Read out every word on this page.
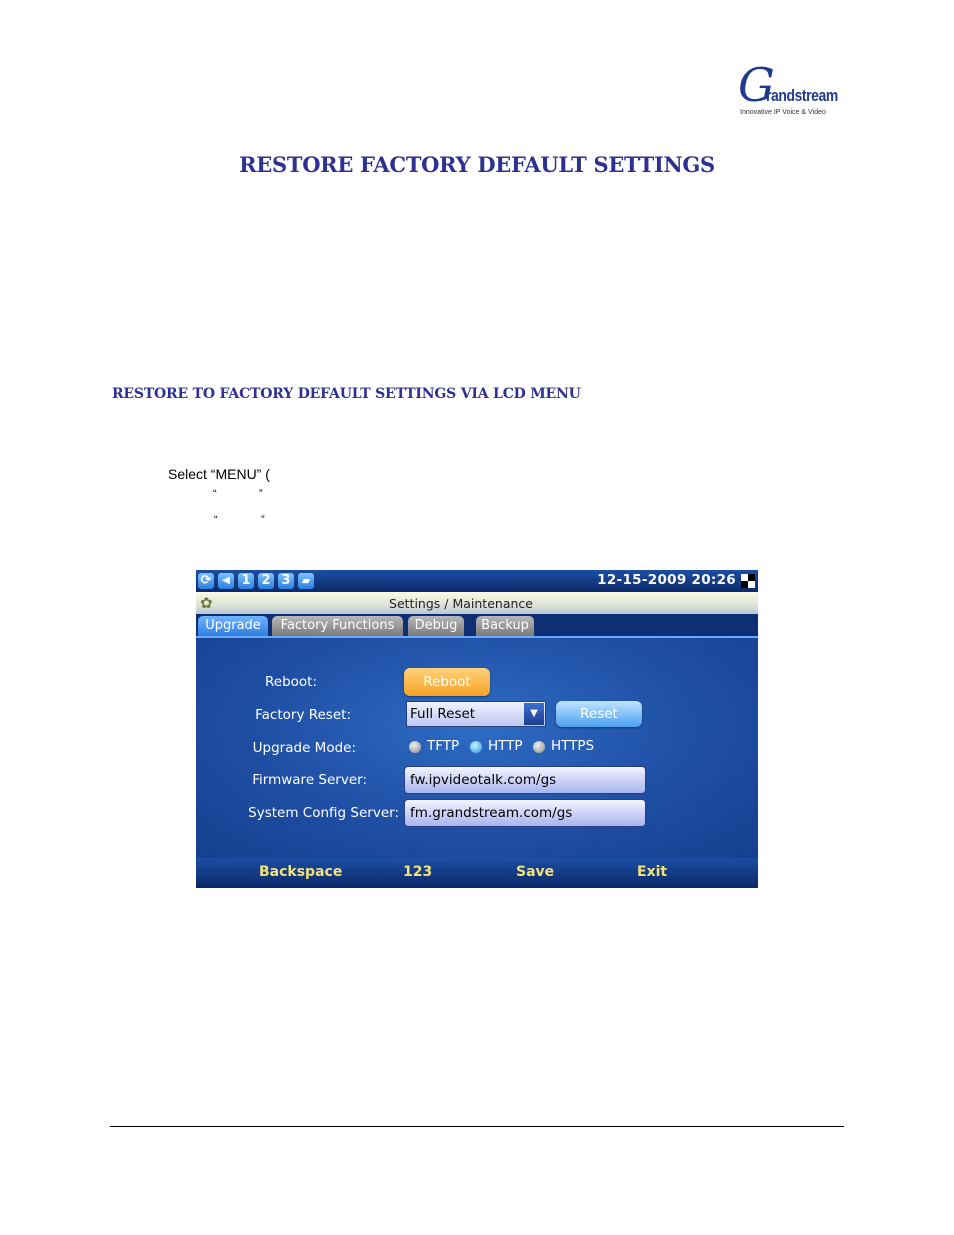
G
randstream
Innovative IP Voice & Video
RESTORE FACTORY DEFAULT SETTINGS
RESTORE TO FACTORY DEFAULT SETTINGS VIA LCD MENU
Select “MENU” (
“	”
“	”
⟳	◀ 1 2 3	▰	12-15-2009 20:26
✿	Settings / Maintenance
Upgrade	Factory Functions	Debug	Backup
Reboot:	Reboot
Factory Reset:	Full Reset	▼	Reset
Upgrade Mode:	TFTP HTTP HTTPS
Firmware Server:	fw.ipvideotalk.com/gs
System Config Server: fm.grandstream.com/gs
Backspace	123	Save	Exit
